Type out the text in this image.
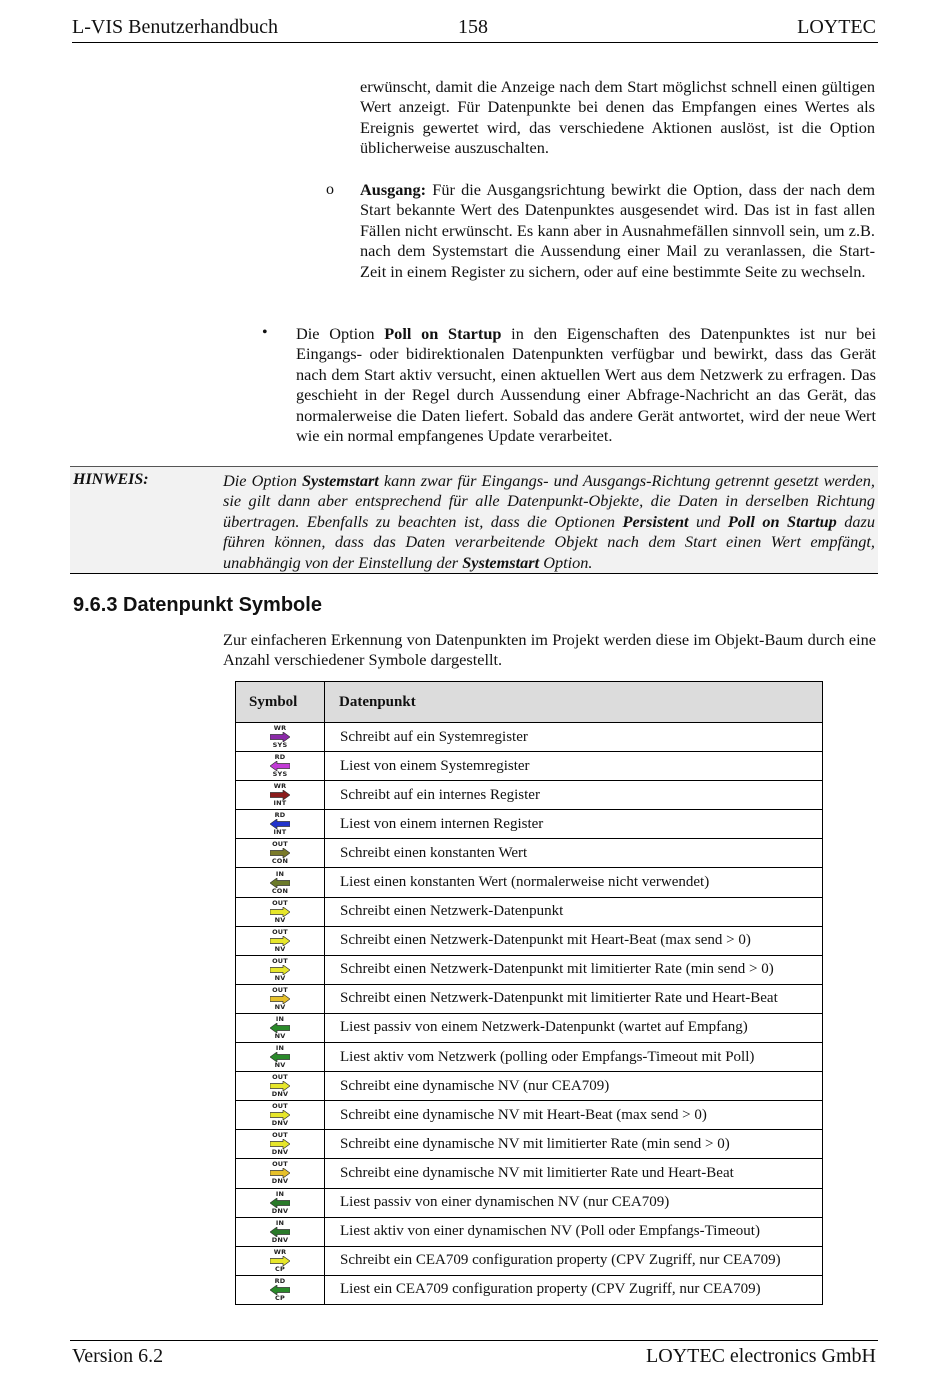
L-VIS Benutzerhandbuch	158	LOYTEC

erwünscht, damit die Anzeige nach dem Start möglichst schnell einen gültigen Wert anzeigt. Für Datenpunkte bei denen das Empfangen eines Wertes als Ereignis gewertet wird, das verschiedene Aktionen auslöst, ist die Option üblicherweise auszuschalten.

o Ausgang: Für die Ausgangsrichtung bewirkt die Option, dass der nach dem Start bekannte Wert des Datenpunktes ausgesendet wird. Das ist in fast allen Fällen nicht erwünscht. Es kann aber in Ausnahmefällen sinnvoll sein, um z.B. nach dem Systemstart die Aussendung einer Mail zu veranlassen, die Start-Zeit in einem Register zu sichern, oder auf eine bestimmte Seite zu wechseln.

• Die Option Poll on Startup in den Eigenschaften des Datenpunktes ist nur bei Eingangs- oder bidirektionalen Datenpunkten verfügbar und bewirkt, dass das Gerät nach dem Start aktiv versucht, einen aktuellen Wert aus dem Netzwerk zu erfragen. Das geschieht in der Regel durch Aussendung einer Abfrage-Nachricht an das Gerät, das normalerweise die Daten liefert. Sobald das andere Gerät antwortet, wird der neue Wert wie ein normal empfangenes Update verarbeitet.

HINWEIS:	Die Option Systemstart kann zwar für Eingangs- und Ausgangs-Richtung getrennt gesetzt werden, sie gilt dann aber entsprechend für alle Datenpunkt-Objekte, die Daten in derselben Richtung übertragen. Ebenfalls zu beachten ist, dass die Optionen Persistent und Poll on Startup dazu führen können, dass das Daten verarbeitende Objekt nach dem Start einen Wert empfängt, unabhängig von der Einstellung der Systemstart Option.

9.6.3 Datenpunkt Symbole

Zur einfacheren Erkennung von Datenpunkten im Projekt werden diese im Objekt-Baum durch eine Anzahl verschiedener Symbole dargestellt.

Symbol	Datenpunkt

WR
SYS	Schreibt auf ein Systemregister

RD
SYS	Liest von einem Systemregister

WR
INT	Schreibt auf ein internes Register

RD
INT	Liest von einem internen Register

OUT
CON	Schreibt einen konstanten Wert

IN
CON	Liest einen konstanten Wert (normalerweise nicht verwendet)

OUT
NV	Schreibt einen Netzwerk-Datenpunkt

OUT
NV	Schreibt einen Netzwerk-Datenpunkt mit Heart-Beat (max send > 0)

OUT
NV	Schreibt einen Netzwerk-Datenpunkt mit limitierter Rate (min send > 0)

OUT
NV	Schreibt einen Netzwerk-Datenpunkt mit limitierter Rate und Heart-Beat

IN
NV	Liest passiv von einem Netzwerk-Datenpunkt (wartet auf Empfang)

IN
NV	Liest aktiv vom Netzwerk (polling oder Empfangs-Timeout mit Poll)

OUT
DNV	Schreibt eine dynamische NV (nur CEA709)

OUT
DNV	Schreibt eine dynamische NV mit Heart-Beat (max send > 0)

OUT
DNV	Schreibt eine dynamische NV mit limitierter Rate (min send > 0)

OUT
DNV	Schreibt eine dynamische NV mit limitierter Rate und Heart-Beat

IN
DNV	Liest passiv von einer dynamischen NV (nur CEA709)

IN
DNV	Liest aktiv von einer dynamischen NV (Poll oder Empfangs-Timeout)

WR
CP	Schreibt ein CEA709 configuration property (CPV Zugriff, nur CEA709)

RD
CP	Liest ein CEA709 configuration property (CPV Zugriff, nur CEA709)
Version 6.2	LOYTEC electronics GmbH
